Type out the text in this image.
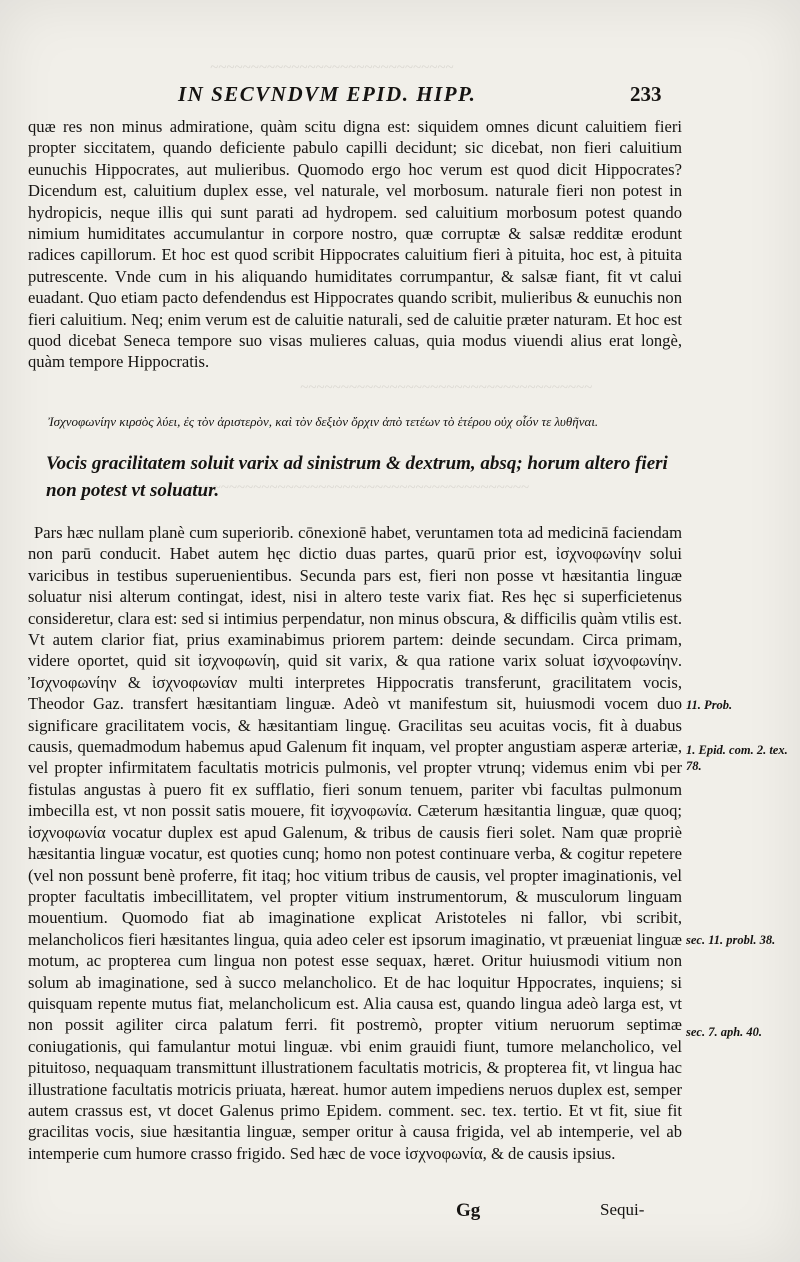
~~~~~~~~~~~~~~~~~~~~~~~~~~~~~~
~~~~~~~~~~~~~~~~~~~~~~~~~~~~~~~~~~~~
~~~~~~~~~~~~~~~~~~~~~~~~~~~~~~~~~~~~~~~~~~~
IN SECVNDVM EPID. HIPP.	233

quæ res non minus admiratione, quàm scitu digna est: siquidem omnes dicunt caluitiem fieri propter siccitatem, quando deficiente pabulo capilli decidunt; sic dicebat, non fieri caluitium eunuchis Hippocrates, aut mulieribus. Quomodo ergo hoc verum est quod dicit Hippocrates? Dicendum est, caluitium duplex esse, vel naturale, vel morbosum. naturale fieri non potest in hydropicis, neque illis qui sunt parati ad hydropem. sed caluitium morbosum potest quando nimium humiditates accumulantur in corpore nostro, quæ corruptæ & salsæ redditæ erodunt radices capillorum. Et hoc est quod scribit Hippocrates caluitium fieri à pituita, hoc est, à pituita putrescente. Vnde cum in his aliquando humiditates corrumpantur, & salsæ fiant, fit vt calui euadant. Quo etiam pacto defendendus est Hippocrates quando scribit, mulieribus & eunuchis non fieri caluitium. Neq; enim verum est de caluitie naturali, sed de caluitie præter naturam. Et hoc est quod dicebat Seneca tempore suo visas mulieres caluas, quia modus viuendi alius erat longè, quàm tempore Hippocratis.

Ἰσχνοφωνίην κιρσὸς λύει, ἐς τὸν ἀριστερὸν, καὶ τὸν δεξιὸν ὄρχιν ἀπὸ τετέων τὸ ἑτέρου οὐχ οἷόν τε λυθῆναι.
Vocis gracilitatem soluit varix ad sinistrum & dextrum, absq; horum altero fieri non potest vt soluatur.

Pars hæc nullam planè cum superiorib. cōnexionē habet, veruntamen tota ad medicinā faciendam non parū conducit. Habet autem hęc dictio duas partes, quarū prior est, ἰσχνοφωνίην solui varicibus in testibus superuenientibus. Secunda pars est, fieri non posse vt hæsitantia linguæ soluatur nisi alterum contingat, idest, nisi in altero teste varix fiat. Res hęc si superficietenus consideretur, clara est: sed si intimius perpendatur, non minus obscura, & difficilis quàm vtilis est. Vt autem clarior fiat, prius examinabimus priorem partem: deinde secundam. Circa primam, videre oportet, quid sit ἰσχνοφωνίη, quid sit varix, & qua ratione varix soluat ἰσχνοφωνίην. Ἰσχνοφωνίην & ἰσχνοφωνίαν multi interpretes Hippocratis transferunt, gracilitatem vocis, Theodor Gaz. transfert hæsitantiam linguæ. Adeò vt manifestum sit, huiusmodi vocem duo significare gracilitatem vocis, & hæsitantiam linguę. Gracilitas seu acuitas vocis, fit à duabus causis, quemadmodum habemus apud Galenum fit inquam, vel propter angustiam asperæ arteriæ, vel propter infirmitatem facultatis motricis pulmonis, vel propter vtrunq; videmus enim vbi per fistulas angustas à puero fit ex sufflatio, fieri sonum tenuem, pariter vbi facultas pulmonum imbecilla est, vt non possit satis mouere, fit ἰσχνοφωνία. Cæterum hæsitantia linguæ, quæ quoq; ἰσχνοφωνία vocatur duplex est apud Galenum, & tribus de causis fieri solet. Nam quæ propriè hæsitantia linguæ vocatur, est quoties cunq; homo non potest continuare verba, & cogitur repetere (vel non possunt benè proferre, fit itaq; hoc vitium tribus de causis, vel propter imaginationis, vel propter facultatis imbecillitatem, vel propter vitium instrumentorum, & musculorum linguam mouentium. Quomodo fiat ab imaginatione explicat Aristoteles ni fallor, vbi scribit, melancholicos fieri hæsitantes lingua, quia adeo celer est ipsorum imaginatio, vt præueniat linguæ motum, ac propterea cum lingua non potest esse sequax, hæret. Oritur huiusmodi vitium non solum ab imaginatione, sed à succo melancholico. Et de hac loquitur Hppocrates, inquiens; si quisquam repente mutus fiat, melancholicum est. Alia causa est, quando lingua adeò larga est, vt non possit agiliter circa palatum ferri. fit postremò, propter vitium neruorum septimæ coniugationis, qui famulantur motui linguæ. vbi enim grauidi fiunt, tumore melancholico, vel pituitoso, nequaquam transmittunt illustrationem facultatis motricis, & propterea fit, vt lingua hac illustratione facultatis motricis priuata, hæreat. humor autem impediens neruos duplex est, semper autem crassus est, vt docet Galenus primo Epidem. comment. sec. tex. tertio. Et vt fit, siue fit gracilitas vocis, siue hæsitantia linguæ, semper oritur à causa frigida, vel ab intemperie, vel ab intemperie cum humore crasso frigido. Sed hæc de voce ἰσχνοφωνία, & de causis ipsius.

11. Prob.
1. Epid. com. 2. tex. 78.
sec. 11. probl. 38.
sec. 7. aph. 40.
Gg	Sequi-
